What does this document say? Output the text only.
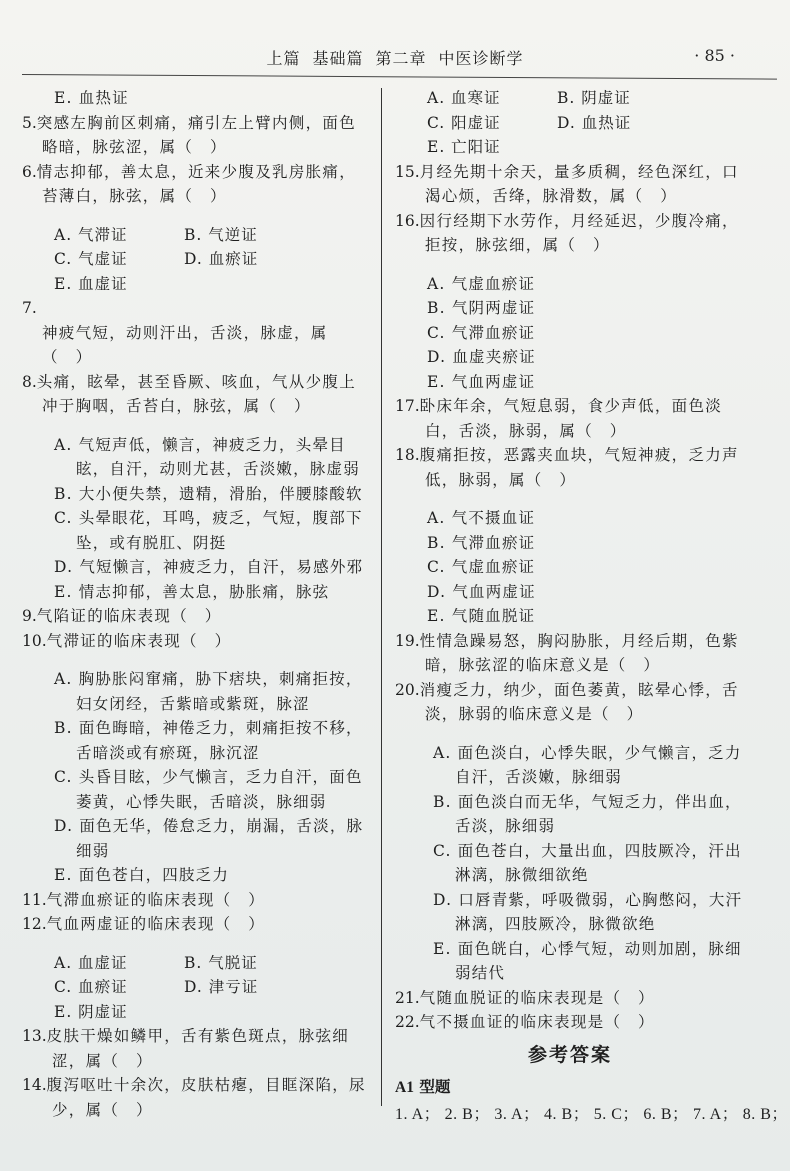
上篇 基础篇 第二章 中医诊断学	· 85 ·
E. 血热证
5.突感左胸前区刺痛，痛引左上臂内侧，面色略暗，脉弦涩，属（　）
6.情志抑郁，善太息，近来少腹及乳房胀痛，苔薄白，脉弦，属（　）
A. 气滞证	B. 气逆证
C. 气虚证	D. 血瘀证
E. 血虚证
7.神疲气短，动则汗出，舌淡，脉虚，属（　）
8.头痛，眩晕，甚至昏厥、咳血，气从少腹上冲于胸咽，舌苔白，脉弦，属（　）
A. 气短声低，懒言，神疲乏力，头晕目眩，自汗，动则尤甚，舌淡嫩，脉虚弱
B. 大小便失禁，遗精，滑胎，伴腰膝酸软
C. 头晕眼花，耳鸣，疲乏，气短，腹部下坠，或有脱肛、阴挺
D. 气短懒言，神疲乏力，自汗，易感外邪
E. 情志抑郁，善太息，胁胀痛，脉弦
9.气陷证的临床表现（　）
10.气滞证的临床表现（　）
A. 胸胁胀闷窜痛，胁下痞块，刺痛拒按，妇女闭经，舌紫暗或紫斑，脉涩
B. 面色晦暗，神倦乏力，刺痛拒按不移，舌暗淡或有瘀斑，脉沉涩
C. 头昏目眩，少气懒言，乏力自汗，面色萎黄，心悸失眠，舌暗淡，脉细弱
D. 面色无华，倦怠乏力，崩漏，舌淡，脉细弱
E. 面色苍白，四肢乏力
11.气滞血瘀证的临床表现（　）
12.气血两虚证的临床表现（　）
A. 血虚证	B. 气脱证
C. 血瘀证	D. 津亏证
E. 阴虚证
13.皮肤干燥如鳞甲，舌有紫色斑点，脉弦细涩，属（　）
14.腹泻呕吐十余次，皮肤枯瘪，目眶深陷，尿少，属（　）
A. 血寒证	B. 阴虚证
C. 阳虚证	D. 血热证
E. 亡阳证
15.月经先期十余天，量多质稠，经色深红，口渴心烦，舌绛，脉滑数，属（　）
16.因行经期下水劳作，月经延迟，少腹冷痛，拒按，脉弦细，属（　）
A. 气虚血瘀证
B. 气阴两虚证
C. 气滞血瘀证
D. 血虚夹瘀证
E. 气血两虚证
17.卧床年余，气短息弱，食少声低，面色淡白，舌淡，脉弱，属（　）
18.腹痛拒按，恶露夹血块，气短神疲，乏力声低，脉弱，属（　）
A. 气不摄血证
B. 气滞血瘀证
C. 气虚血瘀证
D. 气血两虚证
E. 气随血脱证
19.性情急躁易怒，胸闷胁胀，月经后期，色紫暗，脉弦涩的临床意义是（　）
20.消瘦乏力，纳少，面色萎黄，眩晕心悸，舌淡，脉弱的临床意义是（　）
A. 面色淡白，心悸失眠，少气懒言，乏力自汗，舌淡嫩，脉细弱
B. 面色淡白而无华，气短乏力，伴出血，舌淡，脉细弱
C. 面色苍白，大量出血，四肢厥冷，汗出淋漓，脉微细欲绝
D. 口唇青紫，呼吸微弱，心胸憋闷，大汗淋漓，四肢厥冷，脉微欲绝
E. 面色㿠白，心悸气短，动则加剧，脉细弱结代
21.气随血脱证的临床表现是（　）
22.气不摄血证的临床表现是（　）
参考答案
A1 型题
1. A； 2. B； 3. A； 4. B； 5. C； 6. B； 7. A； 8. B；
